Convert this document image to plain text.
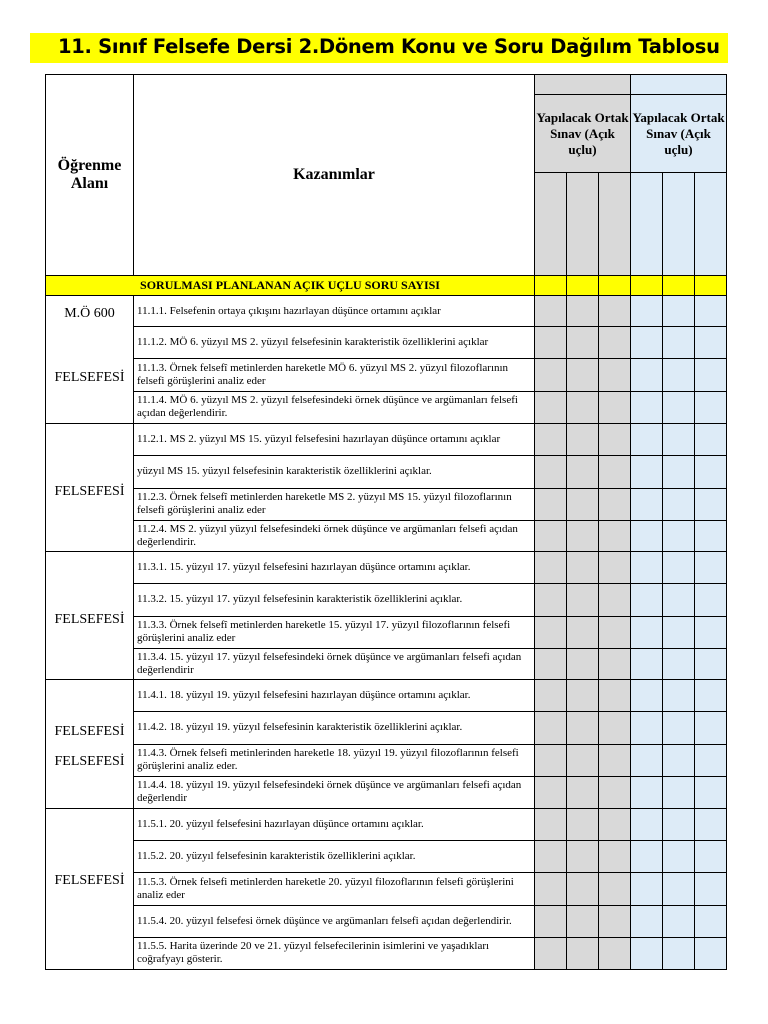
11. Sınıf Felsefe Dersi 2.Dönem Konu ve Soru Dağılım Tablosu
Öğrenme Alanı	Kazanımlar						
		Yapılacak Ortak Sınav (Açık uçlu)			Yapılacak Ortak Sınav (Açık uçlu)		

SORULMASI PLANLANAN AÇIK UÇLU SORU SAYISI							

M.Ö 600
FELSEFESİ	11.1.1. Felsefenin ortaya çıkışını hazırlayan düşünce ortamını açıklar						
	11.1.2. MÖ 6. yüzyıl MS 2. yüzyıl felsefesinin karakteristik özelliklerini açıklar						
	11.1.3. Örnek felsefî metinlerden hareketle MÖ 6. yüzyıl MS 2. yüzyıl filozoflarının felsefi görüşlerini analiz eder						
	11.1.4. MÖ 6. yüzyıl MS 2. yüzyıl felsefesindeki örnek düşünce ve argümanları felsefi açıdan değerlendirir.						

FELSEFESİ	11.2.1. MS 2. yüzyıl MS 15. yüzyıl felsefesini hazırlayan düşünce ortamını açıklar						
	yüzyıl MS 15. yüzyıl felsefesinin karakteristik özelliklerini açıklar.						
	11.2.3. Örnek felsefî metinlerden hareketle MS 2. yüzyıl MS 15. yüzyıl filozoflarının felsefi görüşlerini analiz eder						
	11.2.4. MS 2. yüzyıl yüzyıl felsefesindeki örnek düşünce ve argümanları felsefi açıdan değerlendirir.						

FELSEFESİ	11.3.1. 15. yüzyıl 17. yüzyıl felsefesini hazırlayan düşünce ortamını açıklar.						
	11.3.2. 15. yüzyıl 17. yüzyıl felsefesinin karakteristik özelliklerini açıklar.						
	11.3.3. Örnek felsefî metinlerden hareketle 15. yüzyıl 17. yüzyıl filozoflarının felsefi görüşlerini analiz eder						
	11.3.4. 15. yüzyıl 17. yüzyıl felsefesindeki örnek düşünce ve argümanları felsefi açıdan değerlendirir						

FELSEFESİ
FELSEFESİ	11.4.1. 18. yüzyıl 19. yüzyıl felsefesini hazırlayan düşünce ortamını açıklar.						
	11.4.2. 18. yüzyıl 19. yüzyıl felsefesinin karakteristik özelliklerini açıklar.						
	11.4.3. Örnek felsefi metinlerinden hareketle 18. yüzyıl 19. yüzyıl filozoflarının felsefi görüşlerini analiz eder.						
	11.4.4. 18. yüzyıl 19. yüzyıl felsefesindeki örnek düşünce ve argümanları felsefi açıdan değerlendir						

FELSEFESİ	11.5.1. 20. yüzyıl felsefesini hazırlayan düşünce ortamını açıklar.						
	11.5.2. 20. yüzyıl felsefesinin karakteristik özelliklerini açıklar.						
	11.5.3. Örnek felsefi metinlerden hareketle 20. yüzyıl filozoflarının felsefi görüşlerini analiz eder						
	11.5.4. 20. yüzyıl felsefesi örnek düşünce ve argümanları felsefi açıdan değerlendirir.						
	11.5.5. Harita üzerinde 20 ve 21. yüzyıl felsefecilerinin isimlerini ve yaşadıkları coğrafyayı gösterir.						
